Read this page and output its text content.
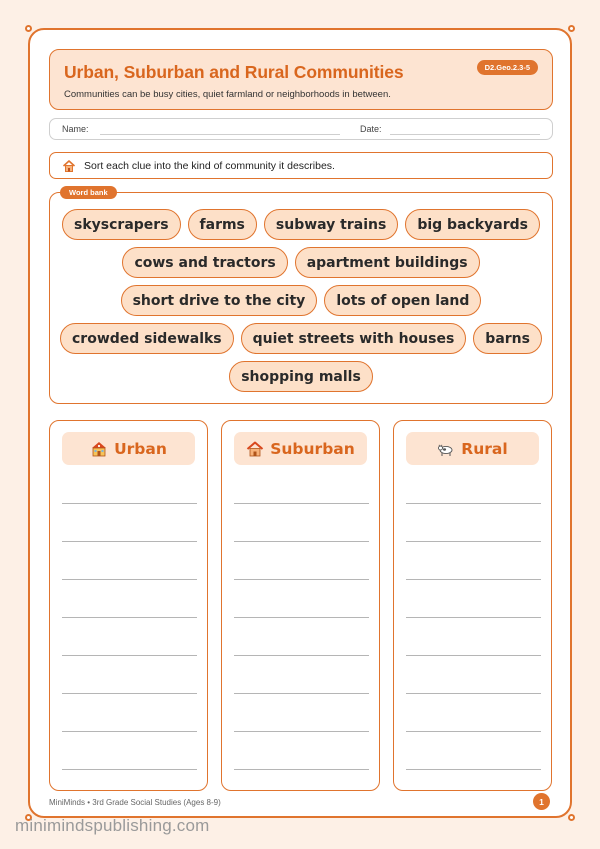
Urban, Suburban and Rural Communities
Communities can be busy cities, quiet farmland or neighborhoods in between.
D2.Geo.2.3-5
Name:	Date:
Sort each clue into the kind of community it describes.
Word bank
skyscrapers	farms	subway trains	big backyards
cows and tractors	apartment buildings
short drive to the city	lots of open land
crowded sidewalks	quiet streets with houses	barns
shopping malls
Urban	Suburban	Rural
MiniMinds • 3rd Grade Social Studies (Ages 8-9)	1
minimindspublishing.com
